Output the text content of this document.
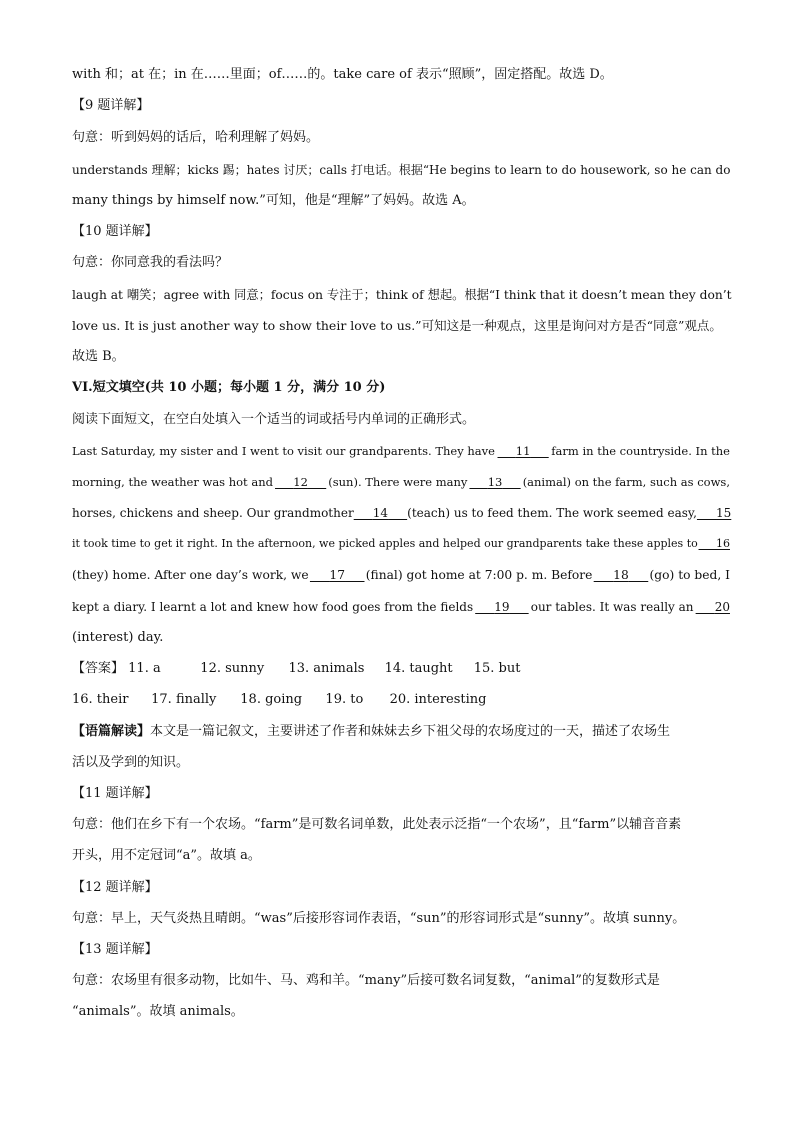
with 和；at 在；in 在……里面；of……的。take care of 表示“照顾”，固定搭配。故选 D。
【9 题详解】
句意：听到妈妈的话后，哈利理解了妈妈。
understands 理解；kicks 踢；hates 讨厌；calls 打电话。根据“He begins to learn to do housework, so he can do
many things by himself now.”可知，他是“理解”了妈妈。故选 A。
【10 题详解】
句意：你同意我的看法吗？
laugh at 嘲笑；agree with 同意；focus on 专注于；think of 想起。根据“I think that it doesn’t mean they don’t
love us. It is just another way to show their love to us.”可知这是一种观点，这里是询问对方是否“同意”观点。
故选 B。
VI.短文填空(共 10 小题；每小题 1 分，满分 10 分)
阅读下面短文，在空白处填入一个适当的词或括号内单词的正确形式。
Last Saturday, my sister and I went to visit our grandparents. They have	11	farm in the countryside. In the
morning, the weather was hot and	12	(sun). There were many	13	(animal) on the farm, such as cows,
horses, chickens and sheep. Our grandmother	14	(teach) us to feed them. The work seemed easy,	15
it took time to get it right. In the afternoon, we picked apples and helped our grandparents take these apples to	16
(they) home. After one day’s work, we	17	(final) got home at 7:00 p. m. Before	18	(go) to bed, I
kept a diary. I learnt a lot and knew how food goes from the fields	19	our tables. It was really an	20
(interest) day.
【答案】 11. a	12. sunny 13. animals 14. taught 15. but
16. their 17. finally 18. going 19. to 20. interesting
【语篇解读】本文是一篇记叙文，主要讲述了作者和妹妹去乡下祖父母的农场度过的一天，描述了农场生
活以及学到的知识。
【11 题详解】
句意：他们在乡下有一个农场。“farm”是可数名词单数，此处表示泛指“一个农场”，且“farm”以辅音音素
开头，用不定冠词“a”。故填 a。
【12 题详解】
句意：早上，天气炎热且晴朗。“was”后接形容词作表语，“sun”的形容词形式是“sunny”。故填 sunny。
【13 题详解】
句意：农场里有很多动物，比如牛、马、鸡和羊。“many”后接可数名词复数，“animal”的复数形式是
“animals”。故填 animals。
